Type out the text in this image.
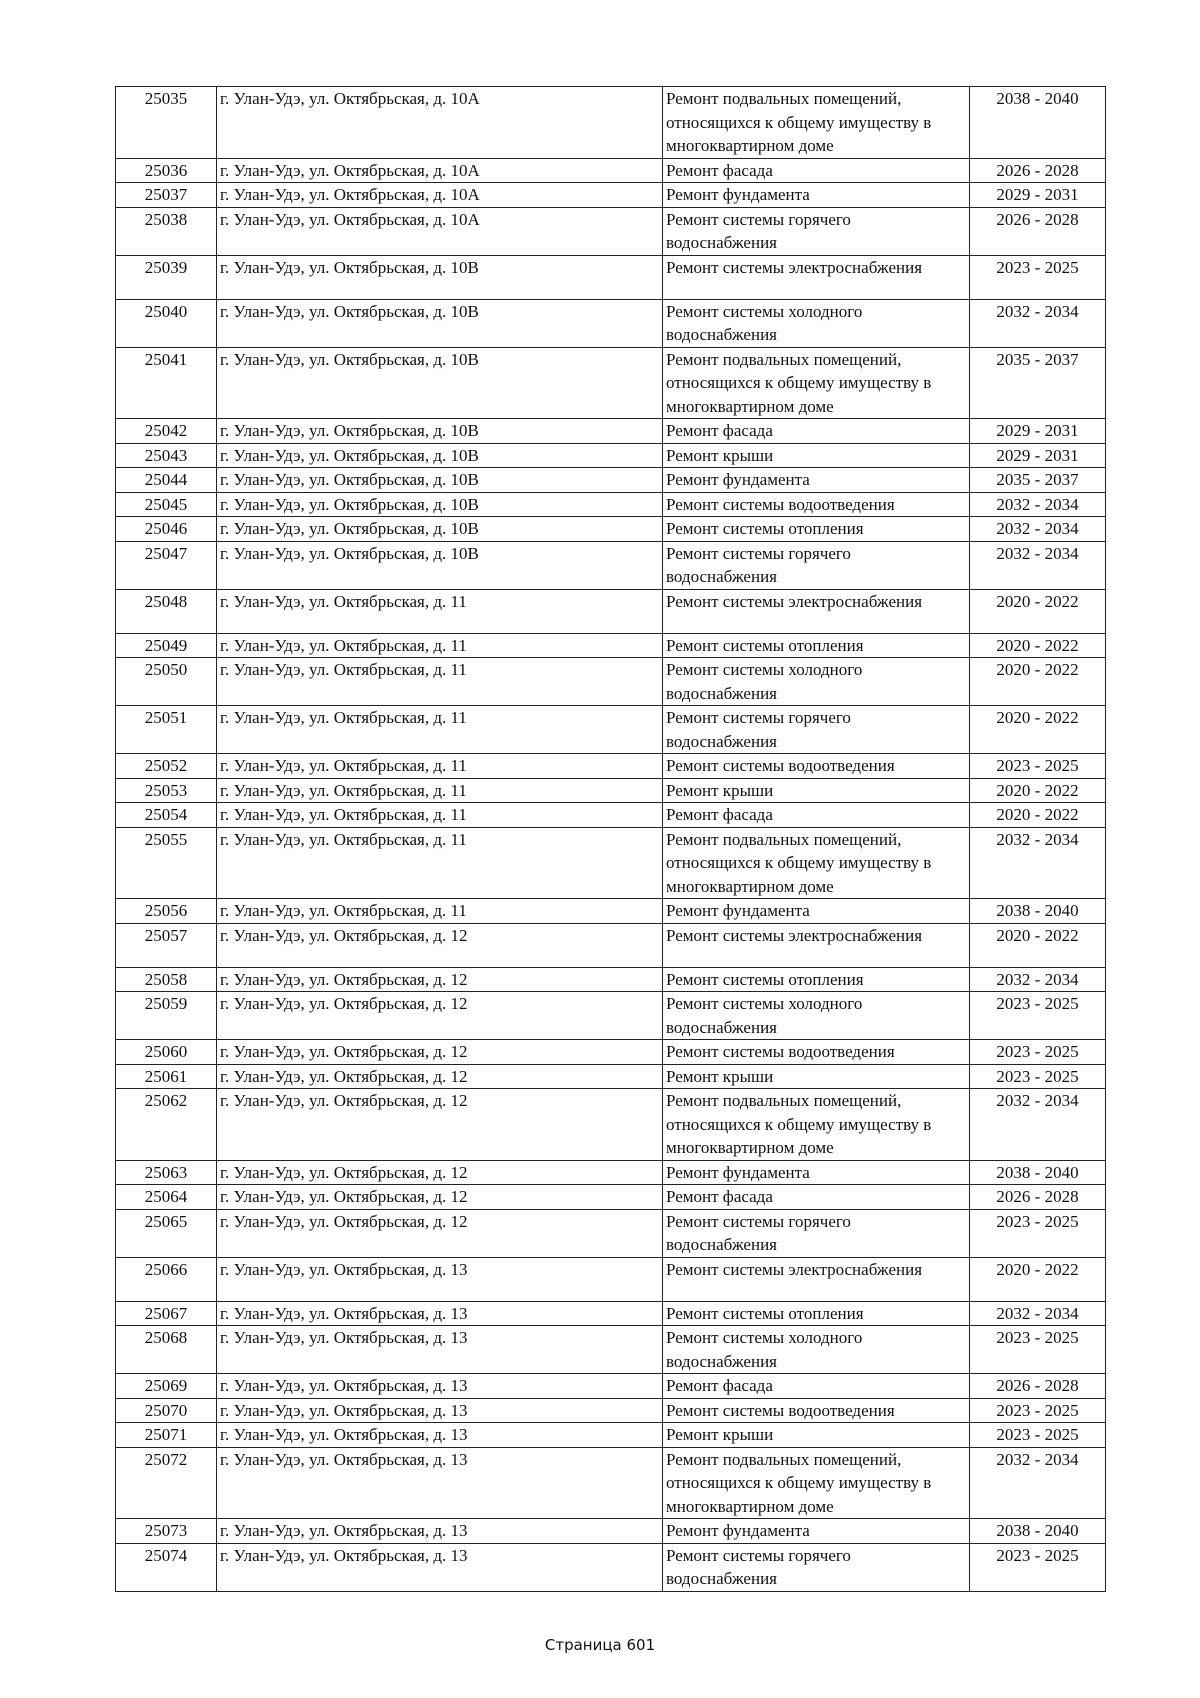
25035	г. Улан-Удэ, ул. Октябрьская, д. 10А	Ремонт подвальных помещений, относящихся к общему имуществу в многоквартирном доме	2038 - 2040
25036	г. Улан-Удэ, ул. Октябрьская, д. 10А	Ремонт фасада	2026 - 2028
25037	г. Улан-Удэ, ул. Октябрьская, д. 10А	Ремонт фундамента	2029 - 2031
25038	г. Улан-Удэ, ул. Октябрьская, д. 10А	Ремонт системы горячего водоснабжения	2026 - 2028
25039	г. Улан-Удэ, ул. Октябрьская, д. 10В	Ремонт системы электроснабжения	2023 - 2025
25040	г. Улан-Удэ, ул. Октябрьская, д. 10В	Ремонт системы холодного водоснабжения	2032 - 2034
25041	г. Улан-Удэ, ул. Октябрьская, д. 10В	Ремонт подвальных помещений, относящихся к общему имуществу в многоквартирном доме	2035 - 2037
25042	г. Улан-Удэ, ул. Октябрьская, д. 10В	Ремонт фасада	2029 - 2031
25043	г. Улан-Удэ, ул. Октябрьская, д. 10В	Ремонт крыши	2029 - 2031
25044	г. Улан-Удэ, ул. Октябрьская, д. 10В	Ремонт фундамента	2035 - 2037
25045	г. Улан-Удэ, ул. Октябрьская, д. 10В	Ремонт системы водоотведения	2032 - 2034
25046	г. Улан-Удэ, ул. Октябрьская, д. 10В	Ремонт системы отопления	2032 - 2034
25047	г. Улан-Удэ, ул. Октябрьская, д. 10В	Ремонт системы горячего водоснабжения	2032 - 2034
25048	г. Улан-Удэ, ул. Октябрьская, д. 11	Ремонт системы электроснабжения	2020 - 2022
25049	г. Улан-Удэ, ул. Октябрьская, д. 11	Ремонт системы отопления	2020 - 2022
25050	г. Улан-Удэ, ул. Октябрьская, д. 11	Ремонт системы холодного водоснабжения	2020 - 2022
25051	г. Улан-Удэ, ул. Октябрьская, д. 11	Ремонт системы горячего водоснабжения	2020 - 2022
25052	г. Улан-Удэ, ул. Октябрьская, д. 11	Ремонт системы водоотведения	2023 - 2025
25053	г. Улан-Удэ, ул. Октябрьская, д. 11	Ремонт крыши	2020 - 2022
25054	г. Улан-Удэ, ул. Октябрьская, д. 11	Ремонт фасада	2020 - 2022
25055	г. Улан-Удэ, ул. Октябрьская, д. 11	Ремонт подвальных помещений, относящихся к общему имуществу в многоквартирном доме	2032 - 2034
25056	г. Улан-Удэ, ул. Октябрьская, д. 11	Ремонт фундамента	2038 - 2040
25057	г. Улан-Удэ, ул. Октябрьская, д. 12	Ремонт системы электроснабжения	2020 - 2022
25058	г. Улан-Удэ, ул. Октябрьская, д. 12	Ремонт системы отопления	2032 - 2034
25059	г. Улан-Удэ, ул. Октябрьская, д. 12	Ремонт системы холодного водоснабжения	2023 - 2025
25060	г. Улан-Удэ, ул. Октябрьская, д. 12	Ремонт системы водоотведения	2023 - 2025
25061	г. Улан-Удэ, ул. Октябрьская, д. 12	Ремонт крыши	2023 - 2025
25062	г. Улан-Удэ, ул. Октябрьская, д. 12	Ремонт подвальных помещений, относящихся к общему имуществу в многоквартирном доме	2032 - 2034
25063	г. Улан-Удэ, ул. Октябрьская, д. 12	Ремонт фундамента	2038 - 2040
25064	г. Улан-Удэ, ул. Октябрьская, д. 12	Ремонт фасада	2026 - 2028
25065	г. Улан-Удэ, ул. Октябрьская, д. 12	Ремонт системы горячего водоснабжения	2023 - 2025
25066	г. Улан-Удэ, ул. Октябрьская, д. 13	Ремонт системы электроснабжения	2020 - 2022
25067	г. Улан-Удэ, ул. Октябрьская, д. 13	Ремонт системы отопления	2032 - 2034
25068	г. Улан-Удэ, ул. Октябрьская, д. 13	Ремонт системы холодного водоснабжения	2023 - 2025
25069	г. Улан-Удэ, ул. Октябрьская, д. 13	Ремонт фасада	2026 - 2028
25070	г. Улан-Удэ, ул. Октябрьская, д. 13	Ремонт системы водоотведения	2023 - 2025
25071	г. Улан-Удэ, ул. Октябрьская, д. 13	Ремонт крыши	2023 - 2025
25072	г. Улан-Удэ, ул. Октябрьская, д. 13	Ремонт подвальных помещений, относящихся к общему имуществу в многоквартирном доме	2032 - 2034
25073	г. Улан-Удэ, ул. Октябрьская, д. 13	Ремонт фундамента	2038 - 2040
25074	г. Улан-Удэ, ул. Октябрьская, д. 13	Ремонт системы горячего водоснабжения	2023 - 2025
Страница 601
